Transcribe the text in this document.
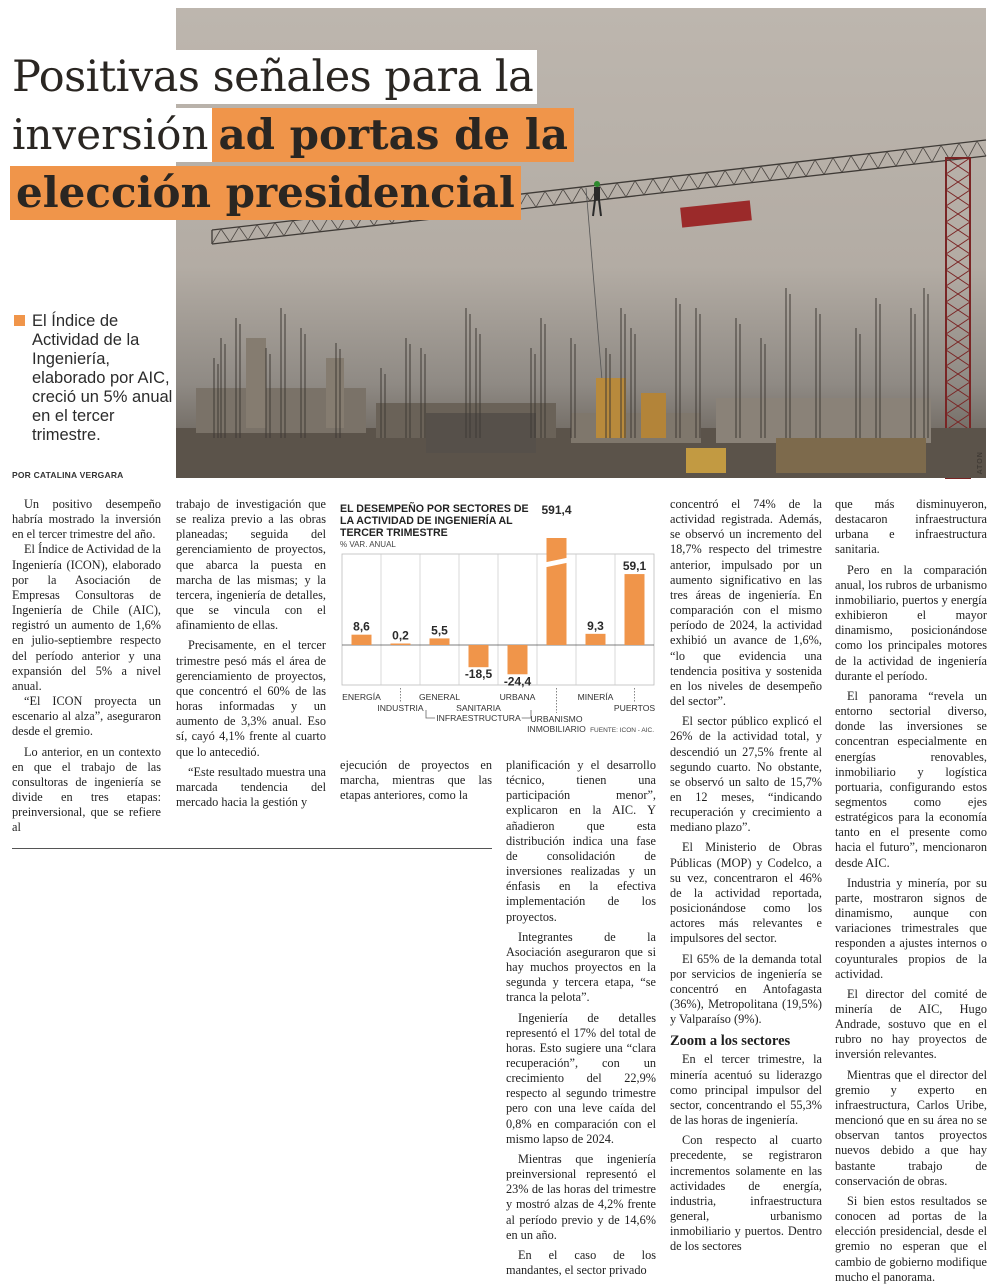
ATON
Positivas señales para la
inversión ad portas de la
elección presidencial
El Índice de Actividad de la Ingeniería, elaborado por AIC, creció un 5% anual en el tercer trimestre.
POR CATALINA VERGARA

Un positivo desempeño habría mostrado la inversión en el tercer trimestre del año.

El Índice de Actividad de la Ingeniería (ICON), elaborado por la Asociación de Empresas Consultoras de Ingeniería de Chile (AIC), registró un aumento de 1,6% en julio-septiembre respecto del período anterior y una expansión del 5% a nivel anual.

“El ICON proyecta un escenario al alza”, aseguraron desde el gremio.

Lo anterior, en un contexto en que el trabajo de las consultoras de ingeniería se divide en tres etapas: preinversional, que se refiere al

trabajo de investigación que se realiza previo a las obras planeadas; seguida del gerenciamiento de proyectos, que abarca la puesta en marcha de las mismas; y la tercera, ingeniería de detalles, que se vincula con el afinamiento de ellas.

Precisamente, en el tercer trimestre pesó más el área de gerenciamiento de proyectos, que concentró el 60% de las horas informadas y un aumento de 3,3% anual. Eso sí, cayó 4,1% frente al cuarto que lo antecedió.

“Este resultado muestra una marcada tendencia del mercado hacia la gestión y

ejecución de proyectos en marcha, mientras que las etapas anteriores, como la

planificación y el desarrollo técnico, tienen una participación menor”, explicaron en la AIC. Y añadieron que esta distribución indica una fase de consolidación de inversiones realizadas y un énfasis en la efectiva implementación de los proyectos.

Integrantes de la Asociación aseguraron que si hay muchos proyectos en la segunda y tercera etapa, “se tranca la pelota”.

Ingeniería de detalles representó el 17% del total de horas. Esto sugiere una “clara recuperación”, con un crecimiento del 22,9% respecto al segundo trimestre pero con una leve caída del 0,8% en comparación con el mismo lapso de 2024.

Mientras que ingeniería preinversional representó el 23% de las horas del trimestre y mostró alzas de 4,2% frente al período previo y de 14,6% en un año.

En el caso de los mandantes, el sector privado

concentró el 74% de la actividad registrada. Además, se observó un incremento del 18,7% respecto del trimestre anterior, impulsado por un aumento significativo en las tres áreas de ingeniería. En comparación con el mismo período de 2024, la actividad exhibió un avance de 1,6%, “lo que evidencia una tendencia positiva y sostenida en los niveles de desempeño del sector”.

El sector público explicó el 26% de la actividad total, y descendió un 27,5% frente al segundo cuarto. No obstante, se observó un salto de 15,7% en 12 meses, “indicando recuperación y crecimiento a mediano plazo”.

El Ministerio de Obras Públicas (MOP) y Codelco, a su vez, concentraron el 46% de la actividad reportada, posicionándose como los actores más relevantes e impulsores del sector.

El 65% de la demanda total por servicios de ingeniería se concentró en Antofagasta (36%), Metropolitana (19,5%) y Valparaíso (9%).

Zoom a los sectores

En el tercer trimestre, la minería acentuó su liderazgo como principal impulsor del sector, concentrando el 55,3% de las horas de ingeniería.

Con respecto al cuarto precedente, se registraron incrementos solamente en las actividades de energía, industria, infraestructura general, urbanismo inmobiliario y puertos. Dentro de los sectores

que más disminuyeron, destacaron infraestructura urbana e infraestructura sanitaria.

Pero en la comparación anual, los rubros de urbanismo inmobiliario, puertos y energía exhibieron el mayor dinamismo, posicionándose como los principales motores de la actividad de ingeniería durante el período.

El panorama “revela un entorno sectorial diverso, donde las inversiones se concentran especialmente en energías renovables, inmobiliario y logística portuaria, configurando estos segmentos como ejes estratégicos para la economía tanto en el presente como hacia el futuro”, mencionaron desde AIC.

Industria y minería, por su parte, mostraron signos de dinamismo, aunque con variaciones trimestrales que responden a ajustes internos o coyunturales propios de la actividad.

El director del comité de minería de AIC, Hugo Andrade, sostuvo que en el rubro no hay proyectos de inversión relevantes.

Mientras que el director del gremio y experto en infraestructura, Carlos Uribe, mencionó que en su área no se observan tantos proyectos nuevos debido a que hay bastante trabajo de conservación de obras.

Si bien estos resultados se conocen ad portas de la elección presidencial, desde el gremio no esperan que el cambio de gobierno modifique mucho el panorama.

EL DESEMPEÑO POR SECTORES DE LA ACTIVIDAD DE INGENIERÍA AL TERCER TRIMESTRE
% VAR. ANUAL
8,6
ENERGÍA
0,2
INDUSTRIA
5,5
GENERAL
-18,5
SANITARIA
-24,4
URBANA
591,4
URBANISMO INMOBILIARIO
9,3
MINERÍA
59,1
PUERTOS
INFRAESTRUCTURA
FUENTE: ICON - AIC.
